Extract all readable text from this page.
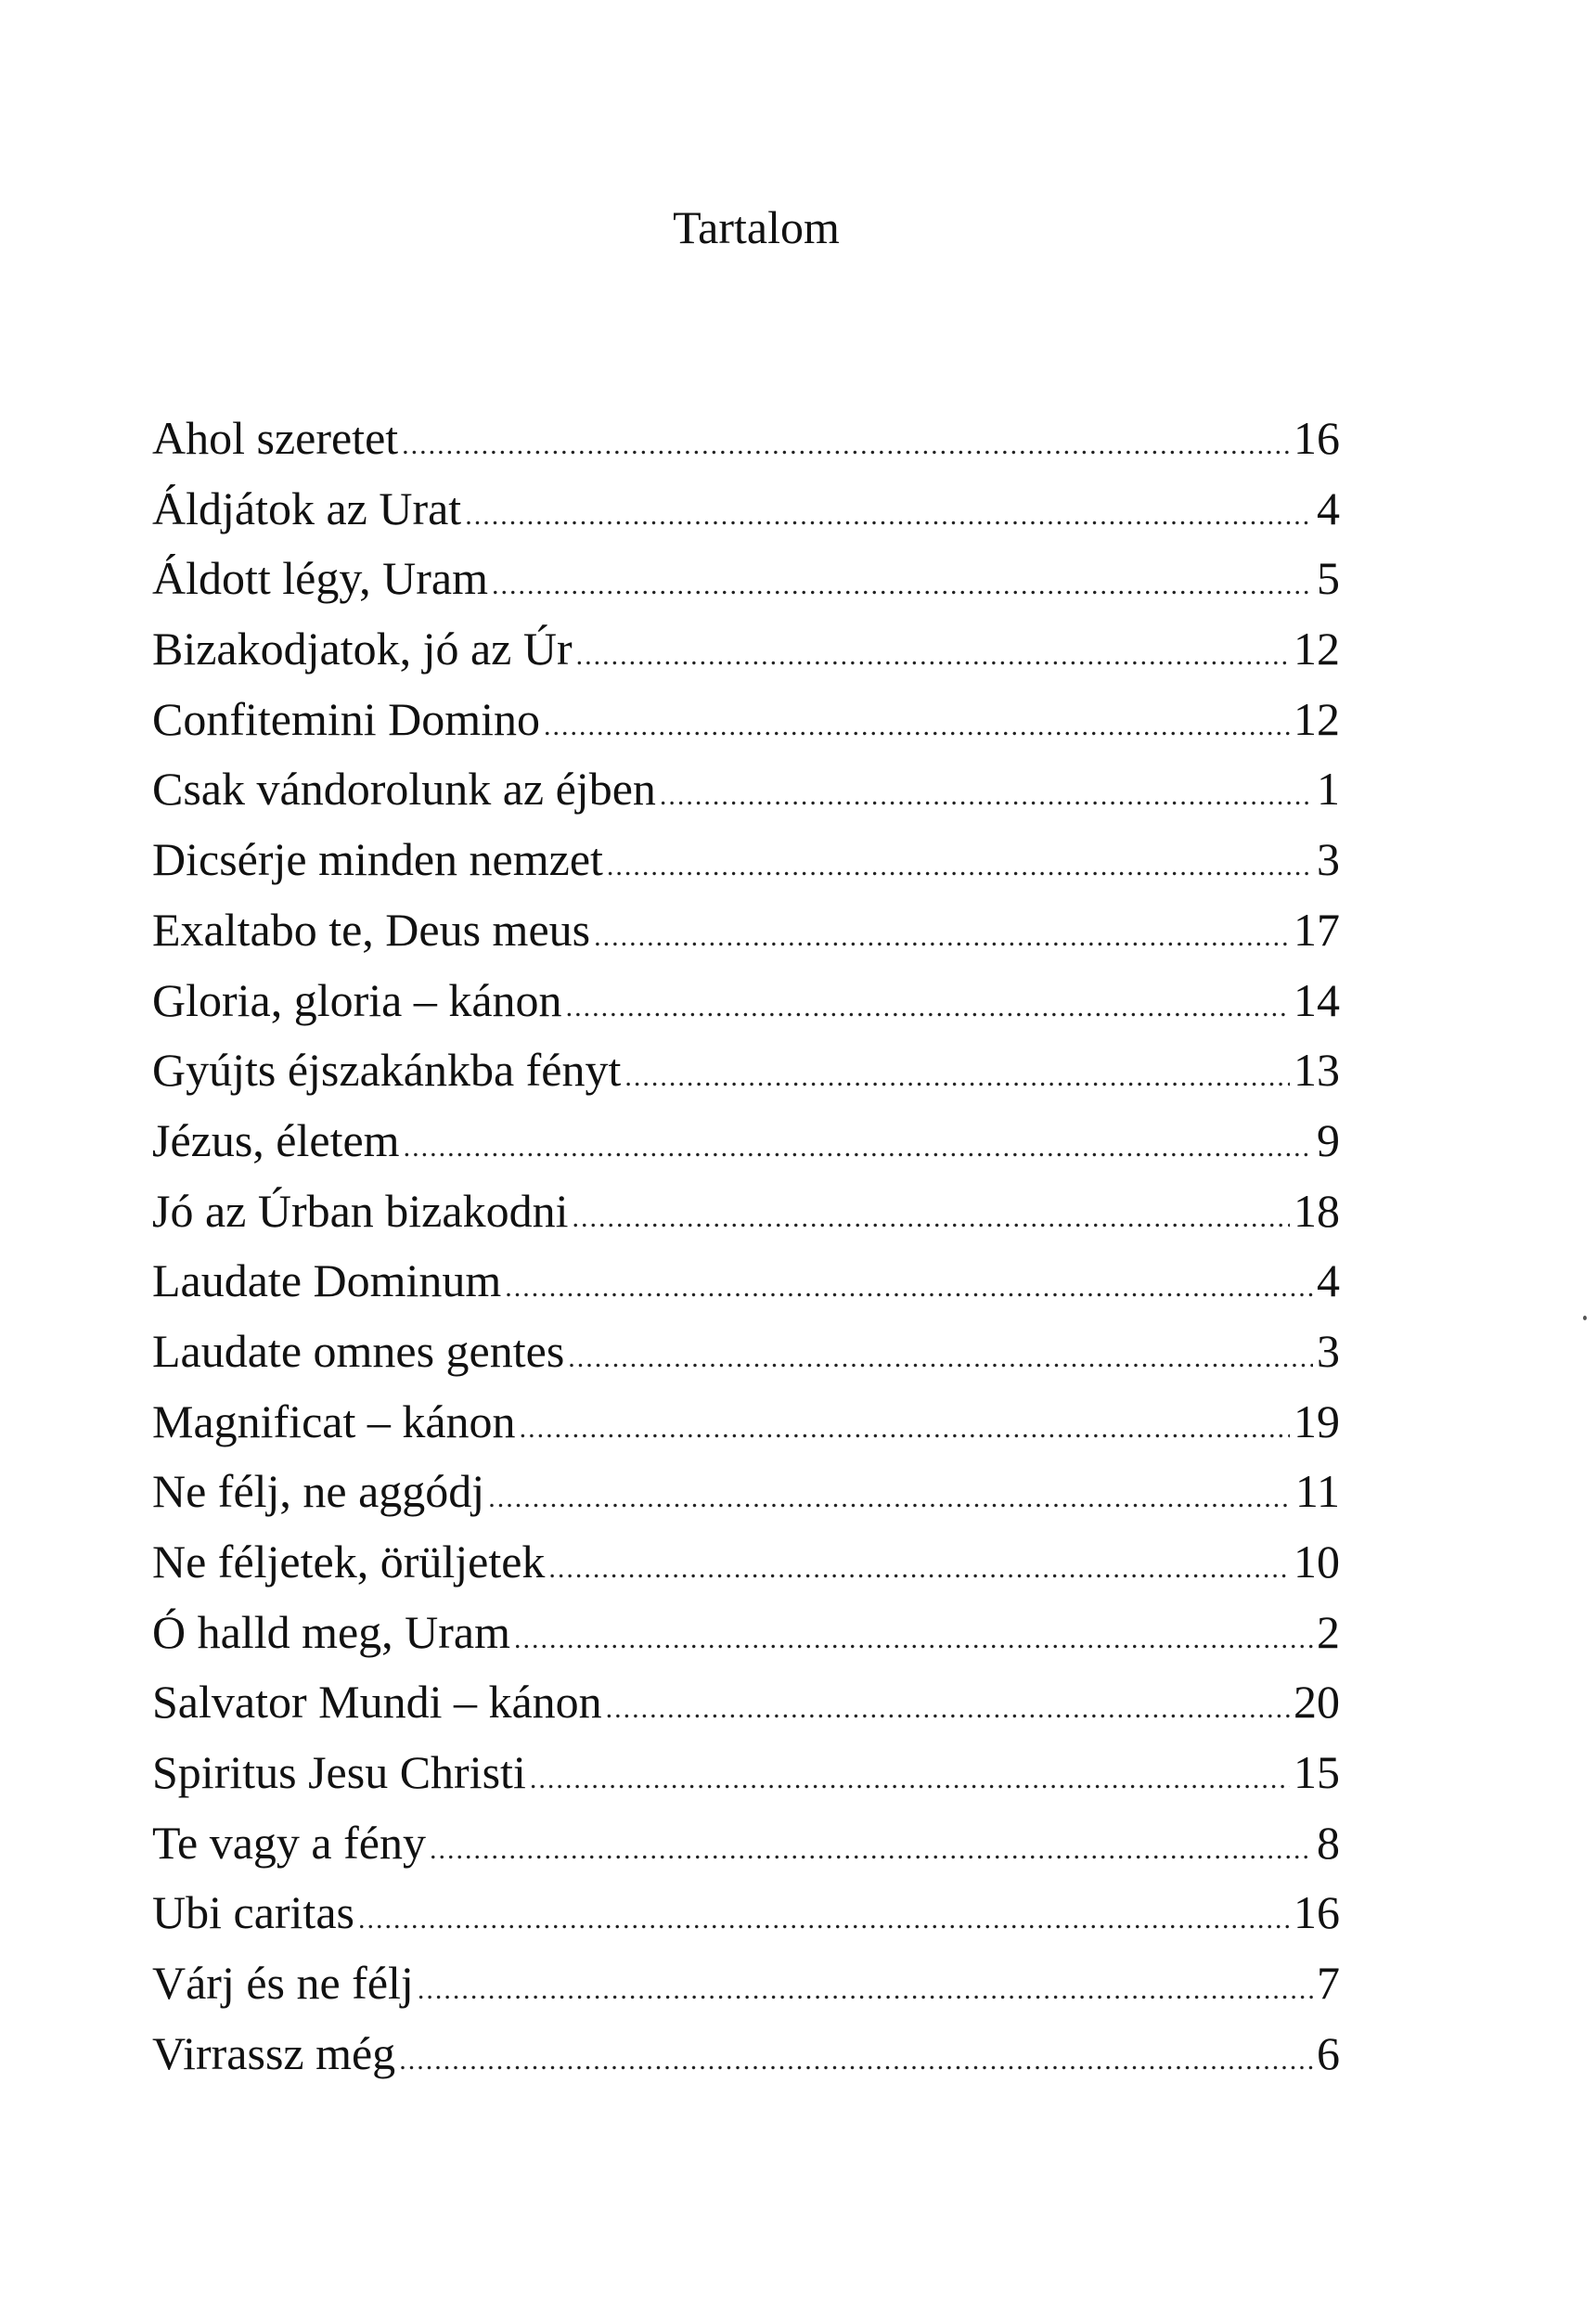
Tartalom
Ahol szeretet .....	16
Áldjátok az Urat .....	4
Áldott légy, Uram .....	5
Bizakodjatok, jó az Úr .....	12
Confitemini Domino .....	12
Csak vándorolunk az éjben .....	1
Dicsérje minden nemzet .....	3
Exaltabo te, Deus meus .....	17
Gloria, gloria – kánon .....	14
Gyújts éjszakánkba fényt .....	13
Jézus, életem .....	9
Jó az Úrban bizakodni .....	18
Laudate Dominum .....	4
Laudate omnes gentes .....	3
Magnificat – kánon .....	19
Ne félj, ne aggódj .....	11
Ne féljetek, örüljetek .....	10
Ó halld meg, Uram .....	2
Salvator Mundi – kánon .....	20
Spiritus Jesu Christi .....	15
Te vagy a fény .....	8
Ubi caritas .....	16
Várj és ne félj .....	7
Virrassz még .....	6
